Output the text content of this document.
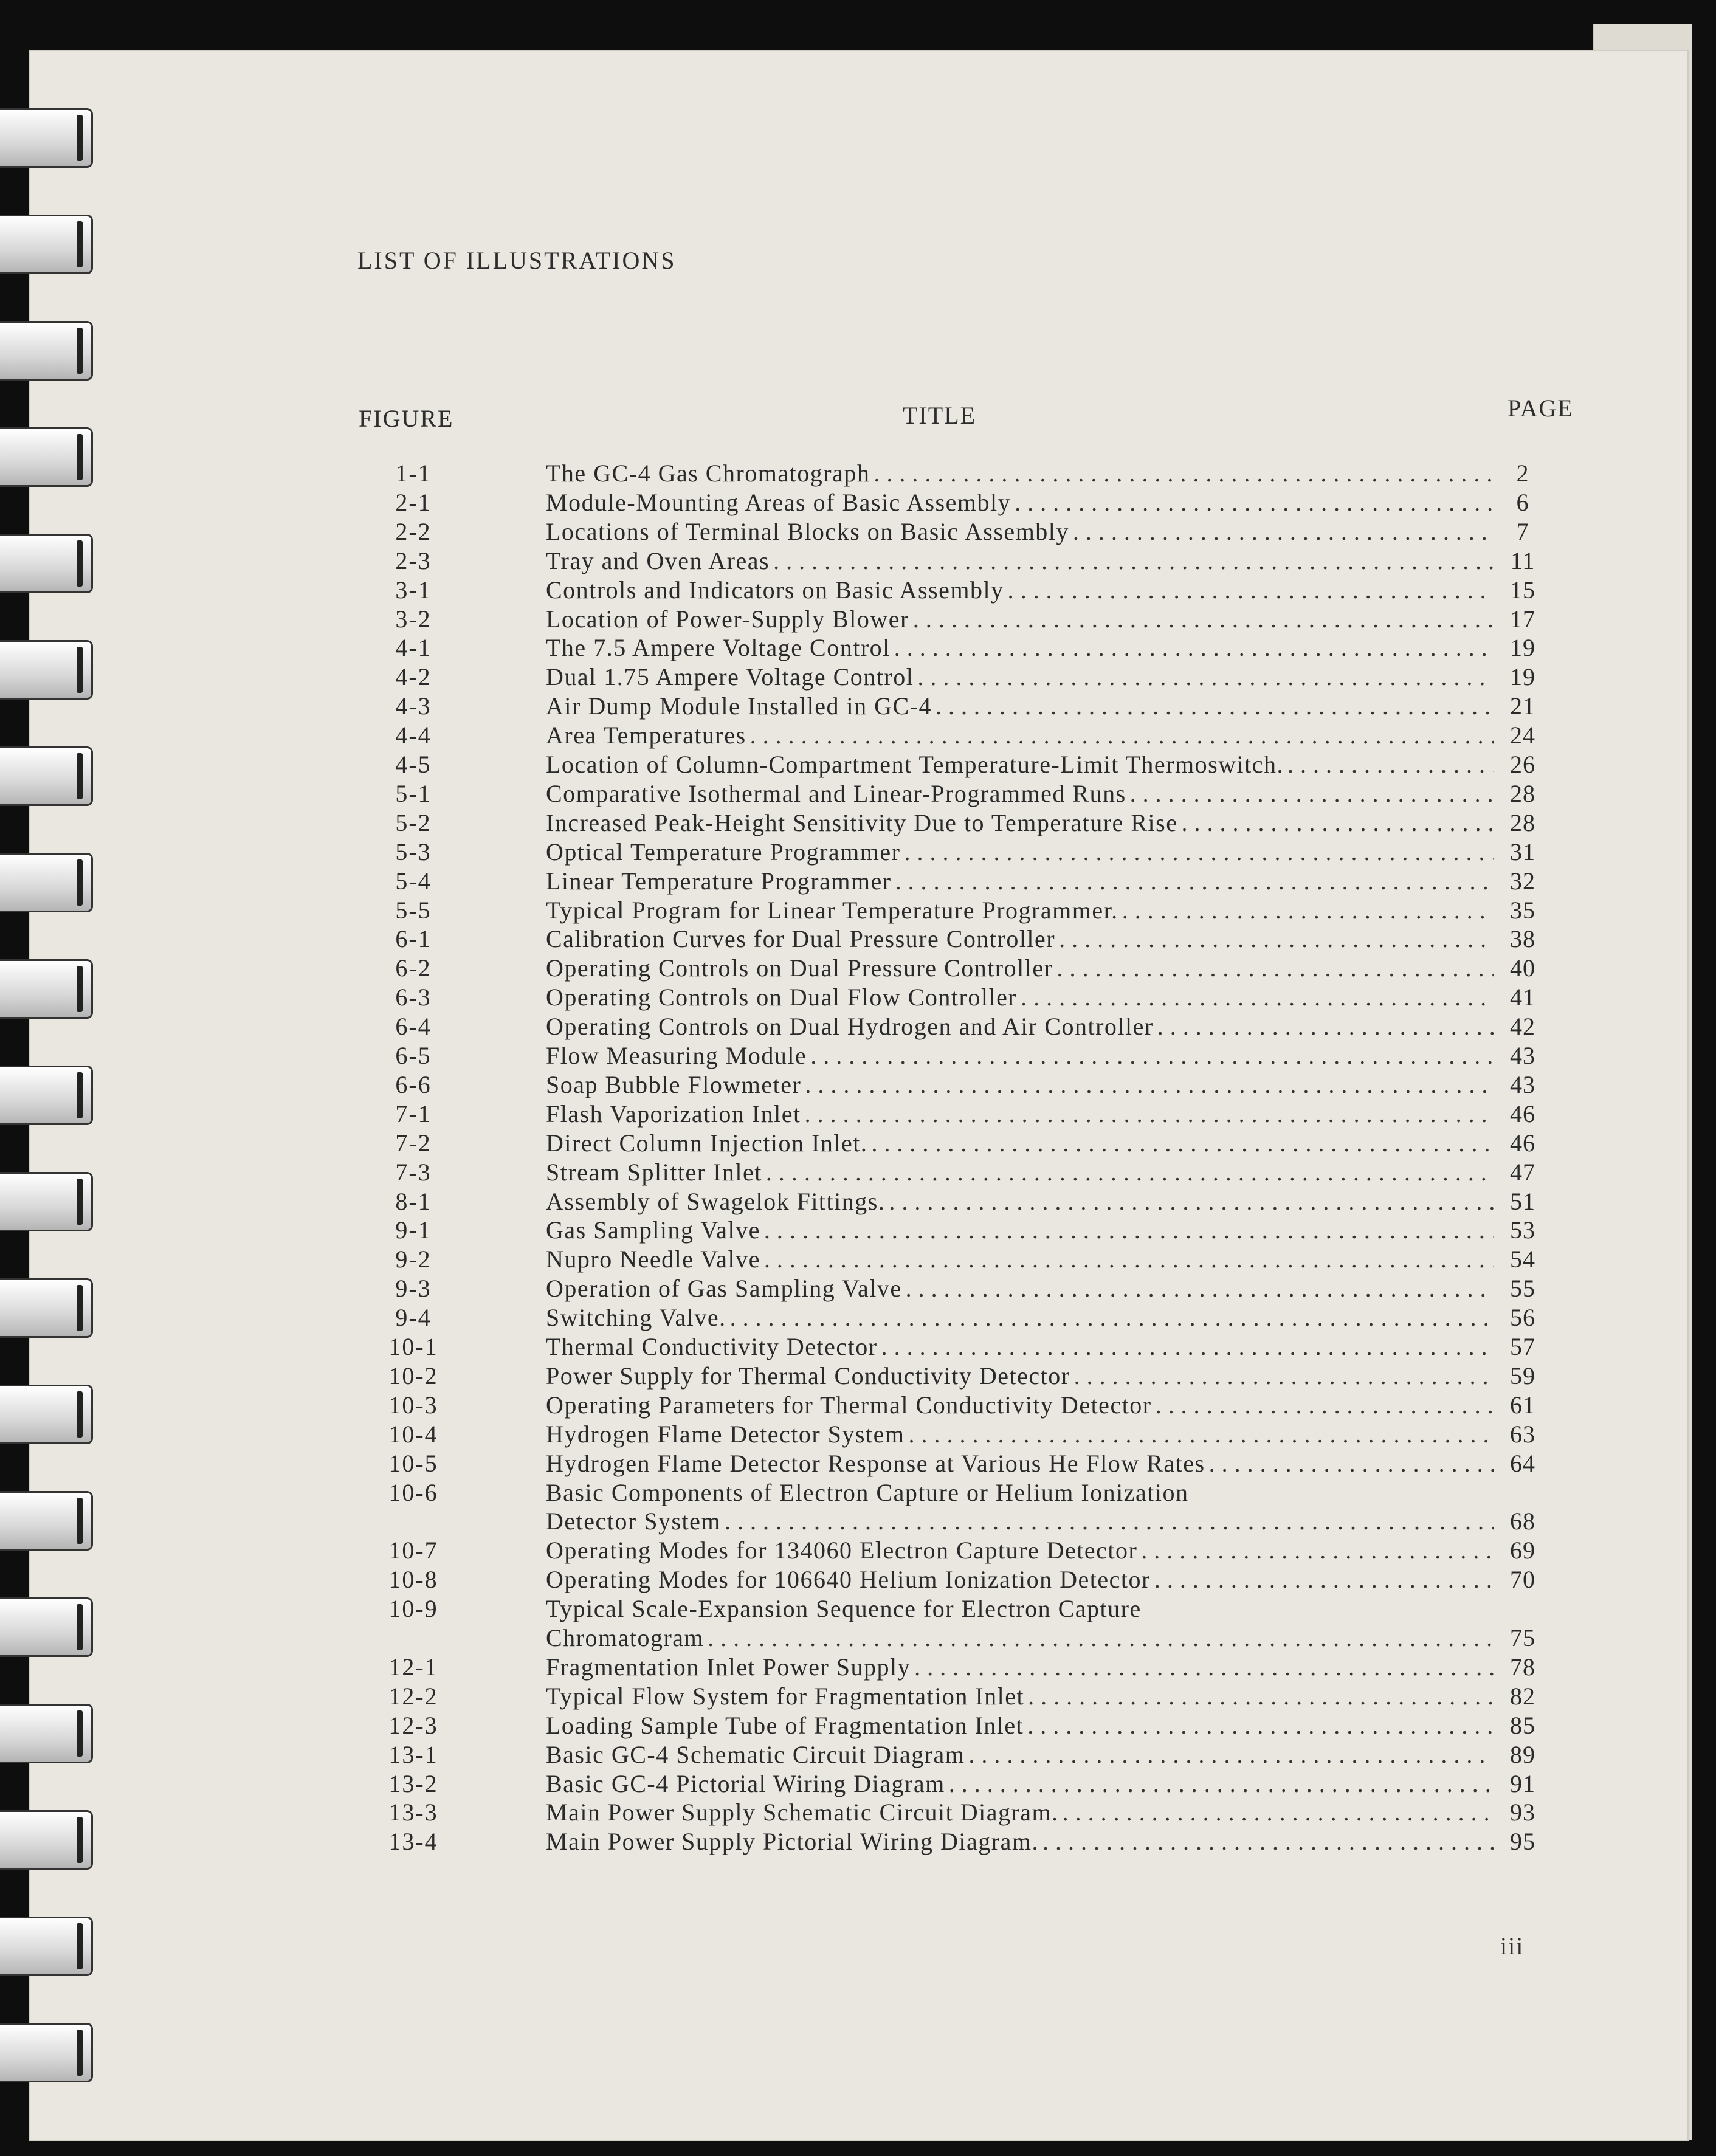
LIST OF ILLUSTRATIONS
FIGURE	TITLE	PAGE
1-1	The GC-4 Gas Chromatograph .....	2
2-1	Module-Mounting Areas of Basic Assembly .....	6
2-2	Locations of Terminal Blocks on Basic Assembly .....	7
2-3	Tray and Oven Areas .....	11
3-1	Controls and Indicators on Basic Assembly .....	15
3-2	Location of Power-Supply Blower .....	17
4-1	The 7.5 Ampere Voltage Control .....	19
4-2	Dual 1.75 Ampere Voltage Control .....	19
4-3	Air Dump Module Installed in GC-4 .....	21
4-4	Area Temperatures .....	24
4-5	Location of Column-Compartment Temperature-Limit Thermoswitch. .....	26
5-1	Comparative Isothermal and Linear-Programmed Runs .....	28
5-2	Increased Peak-Height Sensitivity Due to Temperature Rise .....	28
5-3	Optical Temperature Programmer .....	31
5-4	Linear Temperature Programmer .....	32
5-5	Typical Program for Linear Temperature Programmer. .....	35
6-1	Calibration Curves for Dual Pressure Controller .....	38
6-2	Operating Controls on Dual Pressure Controller .....	40
6-3	Operating Controls on Dual Flow Controller .....	41
6-4	Operating Controls on Dual Hydrogen and Air Controller .....	42
6-5	Flow Measuring Module .....	43
6-6	Soap Bubble Flowmeter .....	43
7-1	Flash Vaporization Inlet .....	46
7-2	Direct Column Injection Inlet. .....	46
7-3	Stream Splitter Inlet .....	47
8-1	Assembly of Swagelok Fittings. .....	51
9-1	Gas Sampling Valve .....	53
9-2	Nupro Needle Valve .....	54
9-3	Operation of Gas Sampling Valve .....	55
9-4	Switching Valve. .....	56
10-1	Thermal Conductivity Detector .....	57
10-2	Power Supply for Thermal Conductivity Detector .....	59
10-3	Operating Parameters for Thermal Conductivity Detector .....	61
10-4	Hydrogen Flame Detector System .....	63
10-5	Hydrogen Flame Detector Response at Various He Flow Rates .....	64
10-6	Basic Components of Electron Capture or Helium Ionization
Detector System .....	68
10-7	Operating Modes for 134060 Electron Capture Detector .....	69
10-8	Operating Modes for 106640 Helium Ionization Detector .....	70
10-9	Typical Scale-Expansion Sequence for Electron Capture
Chromatogram .....	75
12-1	Fragmentation Inlet Power Supply .....	78
12-2	Typical Flow System for Fragmentation Inlet .....	82
12-3	Loading Sample Tube of Fragmentation Inlet .....	85
13-1	Basic GC-4 Schematic Circuit Diagram .....	89
13-2	Basic GC-4 Pictorial Wiring Diagram .....	91
13-3	Main Power Supply Schematic Circuit Diagram. .....	93
13-4	Main Power Supply Pictorial Wiring Diagram. .....	95
iii
